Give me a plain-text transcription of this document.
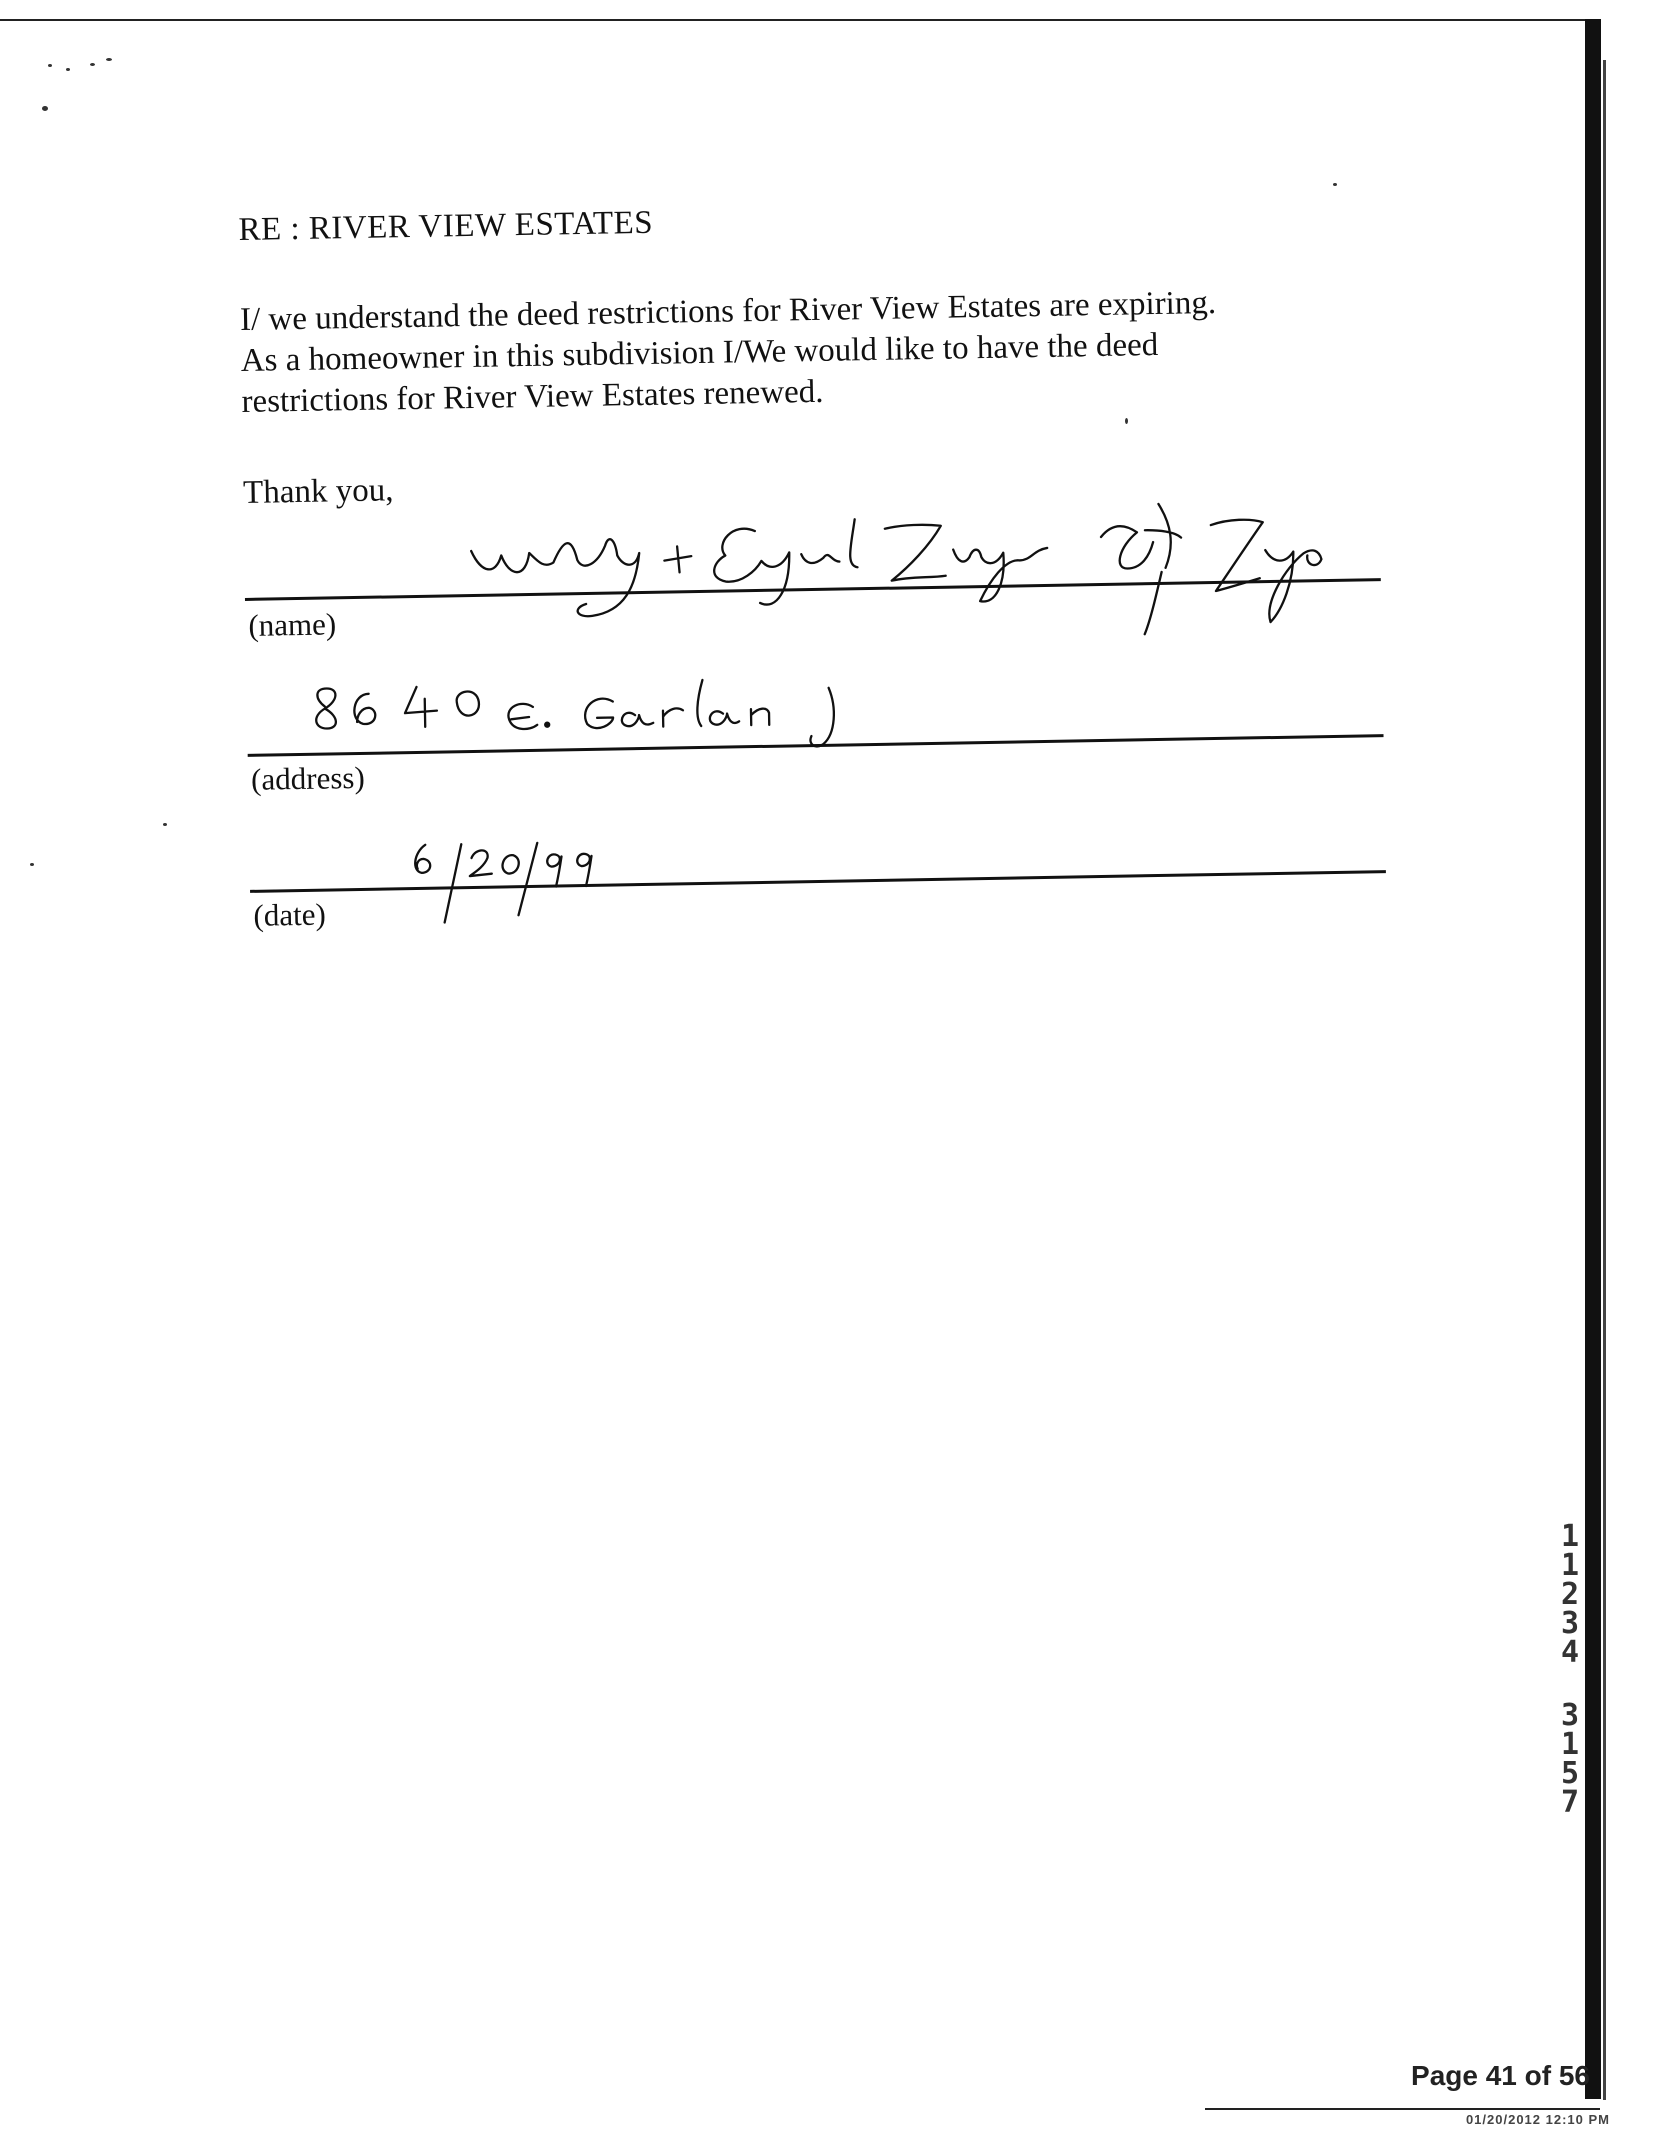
RE : RIVER VIEW ESTATES

I/ we understand the deed restrictions for River View Estates are expiring.

As a homeowner in this subdivision I/We would like to have the deed

restrictions for River View Estates renewed.

Thank you,
(name)
(address)
(date)
1
1
2
3
4
3
1
5
7
Page 41 of 56
01/20/2012 12:10 PM
